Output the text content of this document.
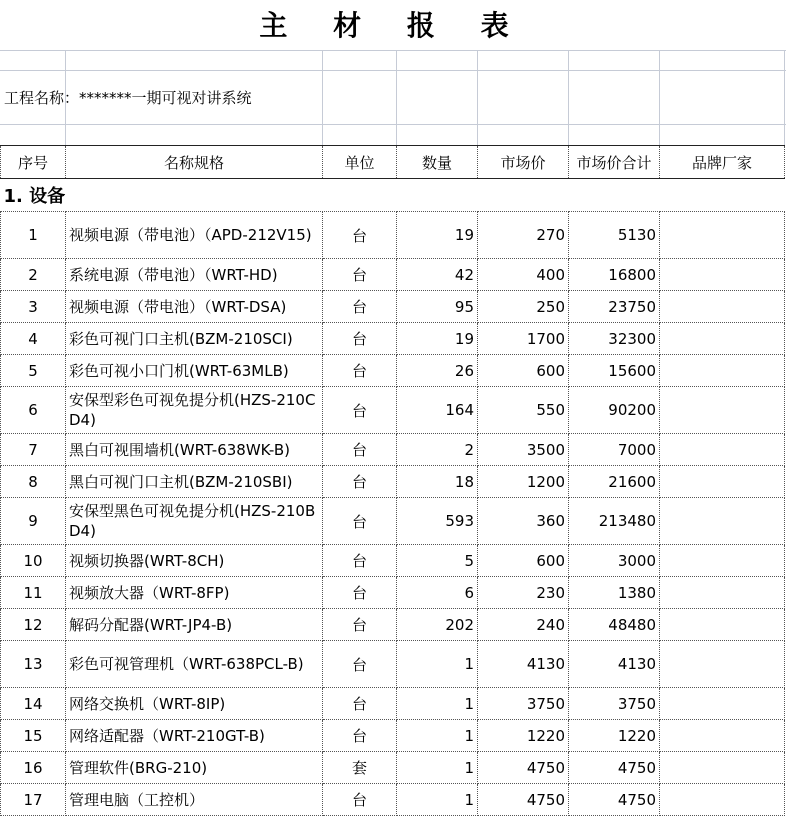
主 材 报 表
工程名称：*******一期可视对讲系统
序号	名称规格	单位	数量	市场价	市场价合计	品牌厂家
1. 设备						
1	视频电源（带电池）（APD-212V15)	台	19	270	5130	
2	系统电源（带电池）（WRT-HD)	台	42	400	16800	
3	视频电源（带电池）（WRT-DSA)	台	95	250	23750	
4	彩色可视门口主机(BZM-210SCI)	台	19	1700	32300	
5	彩色可视小口门机(WRT-63MLB)	台	26	600	15600	
6	安保型彩色可视免提分机(HZS-210CD4)	台	164	550	90200	
7	黑白可视围墙机(WRT-638WK-B)	台	2	3500	7000	
8	黑白可视门口主机(BZM-210SBI)	台	18	1200	21600	
9	安保型黑色可视免提分机(HZS-210BD4)	台	593	360	213480	
10	视频切换器(WRT-8CH)	台	5	600	3000	
11	视频放大器（WRT-8FP)	台	6	230	1380	
12	解码分配器(WRT-JP4-B)	台	202	240	48480	
13	彩色可视管理机（WRT-638PCL-B)	台	1	4130	4130	
14	网络交换机（WRT-8IP)	台	1	3750	3750	
15	网络适配器（WRT-210GT-B)	台	1	1220	1220	
16	管理软件(BRG-210)	套	1	4750	4750	
17	管理电脑（工控机）	台	1	4750	4750	
